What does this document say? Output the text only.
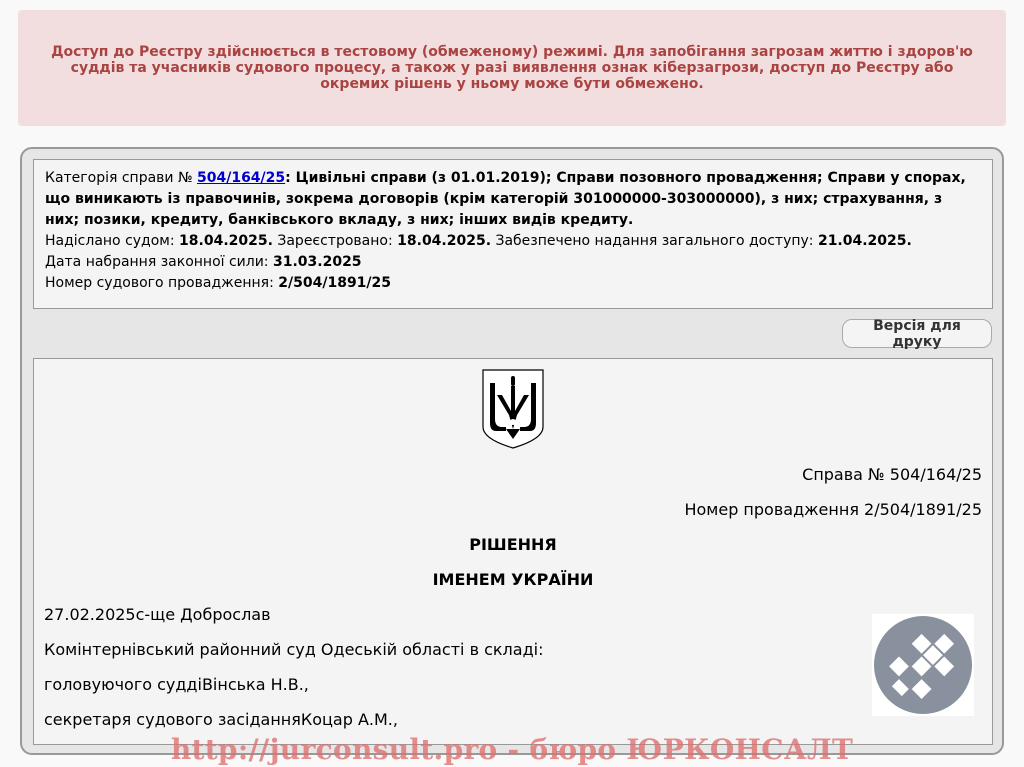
Доступ до Реєстру здійснюється в тестовому (обмеженому) режимі. Для запобігання загрозам життю і здоров'ю суддів та учасників судового процесу, а також у разі виявлення ознак кіберзагрози, доступ до Реєстру або окремих рішень у ньому може бути обмежено.
Категорія справи № 504/164/25: Цивільні справи (з 01.01.2019); Справи позовного провадження; Справи у спорах, що виникають із правочинів, зокрема договорів (крім категорій 301000000-303000000), з них; страхування, з них; позики, кредиту, банківського вкладу, з них; інших видів кредиту.
Надіслано судом: 18.04.2025. Зареєстровано: 18.04.2025. Забезпечено надання загального доступу: 21.04.2025.
Дата набрання законної сили: 31.03.2025
Номер судового провадження: 2/504/1891/25
Версія для друку
Справа № 504/164/25
Номер провадження 2/504/1891/25
РІШЕННЯ
ІМЕНЕМ УКРАЇНИ
27.02.2025с-ще Доброслав
Комінтернівський районний суд Одеській області в складі:
головуючого суддіВінська Н.В.,
секретаря судового засіданняКоцар А.М.,
http://jurconsult.pro - бюро ЮРКОНСАЛТ
